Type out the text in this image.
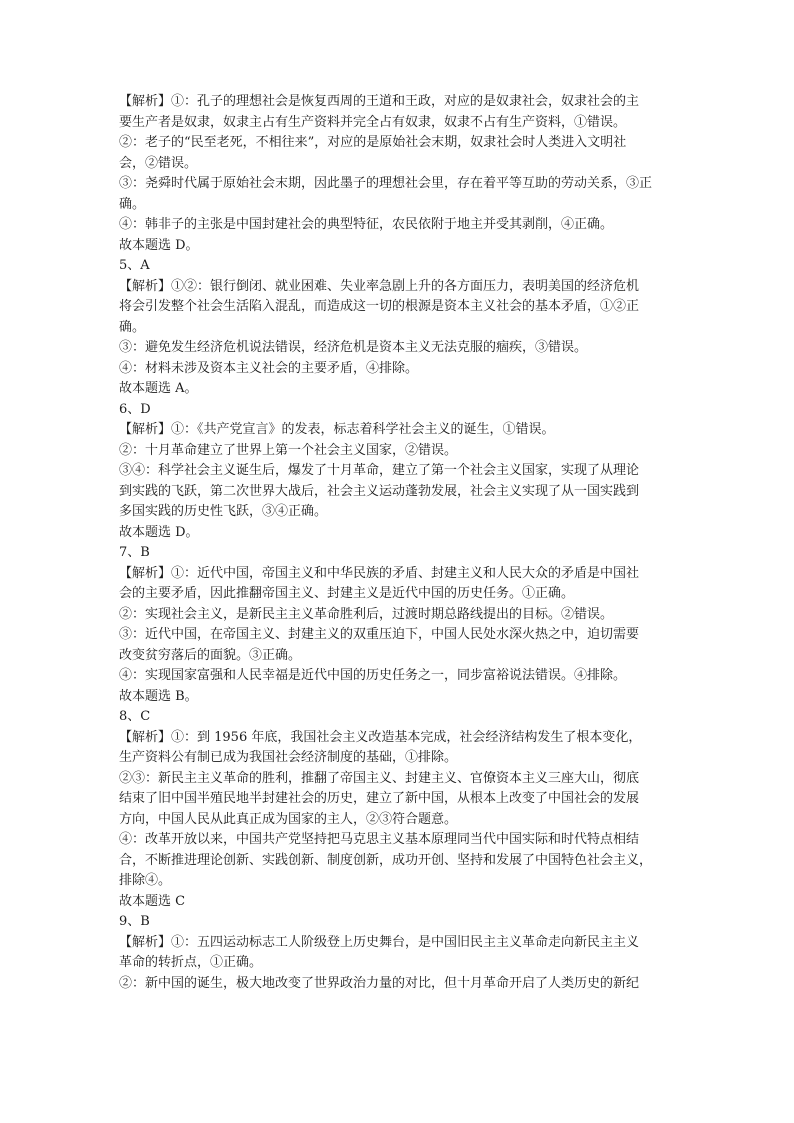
【解析】①：孔子的理想社会是恢复西周的王道和王政，对应的是奴隶社会，奴隶社会的主
要生产者是奴隶，奴隶主占有生产资料并完全占有奴隶，奴隶不占有生产资料，①错误。
②：老子的“民至老死，不相往来”，对应的是原始社会末期，奴隶社会时人类进入文明社
会，②错误。
③：尧舜时代属于原始社会末期，因此墨子的理想社会里，存在着平等互助的劳动关系，③正
确。
④：韩非子的主张是中国封建社会的典型特征，农民依附于地主并受其剥削，④正确。
故本题选 D。
5、A
【解析】①②：银行倒闭、就业困难、失业率急剧上升的各方面压力，表明美国的经济危机
将会引发整个社会生活陷入混乱，而造成这一切的根源是资本主义社会的基本矛盾，①②正
确。
③：避免发生经济危机说法错误，经济危机是资本主义无法克服的痼疾，③错误。
④：材料未涉及资本主义社会的主要矛盾，④排除。
故本题选 A。
6、D
【解析】①：《共产党宣言》的发表，标志着科学社会主义的诞生，①错误。
②：十月革命建立了世界上第一个社会主义国家，②错误。
③④：科学社会主义诞生后，爆发了十月革命，建立了第一个社会主义国家，实现了从理论
到实践的飞跃，第二次世界大战后，社会主义运动蓬勃发展，社会主义实现了从一国实践到
多国实践的历史性飞跃，③④正确。
故本题选 D。
7、B
【解析】①：近代中国，帝国主义和中华民族的矛盾、封建主义和人民大众的矛盾是中国社
会的主要矛盾，因此推翻帝国主义、封建主义是近代中国的历史任务。①正确。
②：实现社会主义，是新民主主义革命胜利后，过渡时期总路线提出的目标。②错误。
③：近代中国，在帝国主义、封建主义的双重压迫下，中国人民处水深火热之中，迫切需要
改变贫穷落后的面貌。③正确。
④：实现国家富强和人民幸福是近代中国的历史任务之一，同步富裕说法错误。④排除。
故本题选 B。
8、C
【解析】①：到 1956 年底，我国社会主义改造基本完成，社会经济结构发生了根本变化，
生产资料公有制已成为我国社会经济制度的基础，①排除。
②③：新民主主义革命的胜利，推翻了帝国主义、封建主义、官僚资本主义三座大山，彻底
结束了旧中国半殖民地半封建社会的历史，建立了新中国，从根本上改变了中国社会的发展
方向，中国人民从此真正成为国家的主人，②③符合题意。
④：改革开放以来，中国共产党坚持把马克思主义基本原理同当代中国实际和时代特点相结
合，不断推进理论创新、实践创新、制度创新，成功开创、坚持和发展了中国特色社会主义，
排除④。
故本题选 C
9、B
【解析】①：五四运动标志工人阶级登上历史舞台，是中国旧民主主义革命走向新民主主义
革命的转折点，①正确。
②：新中国的诞生，极大地改变了世界政治力量的对比，但十月革命开启了人类历史的新纪
